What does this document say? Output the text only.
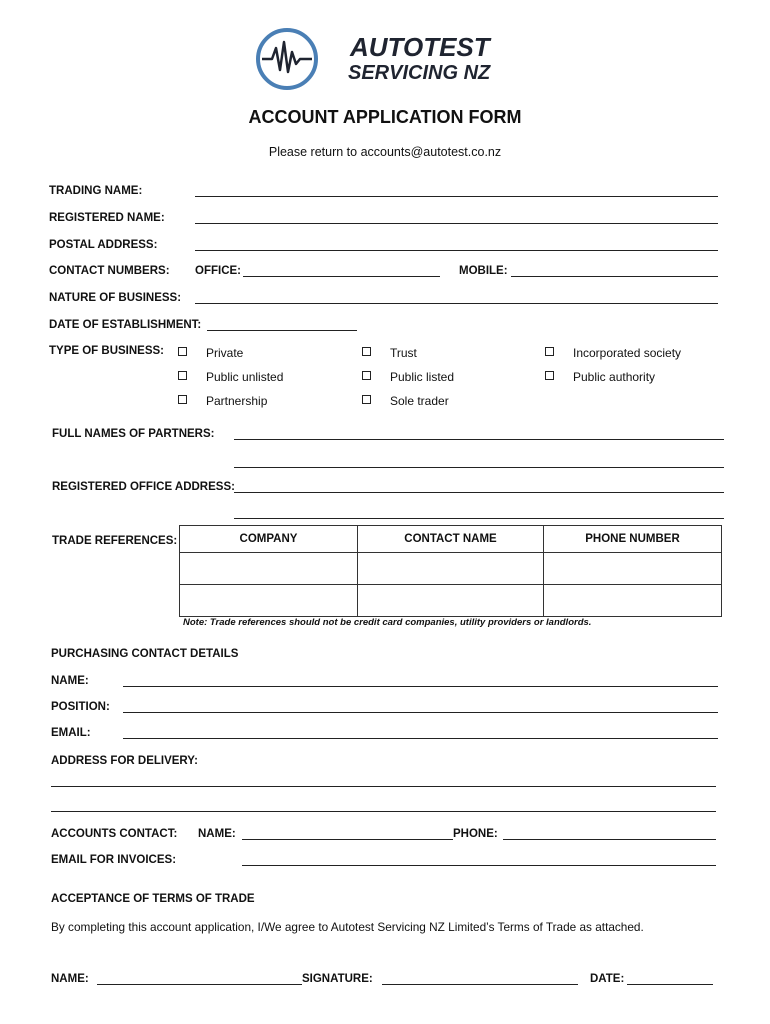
AUTOTEST
SERVICING NZ
ACCOUNT APPLICATION FORM
Please return to accounts@autotest.co.nz
TRADING NAME:
REGISTERED NAME:
POSTAL ADDRESS:
CONTACT NUMBERS: OFFICE:	MOBILE:
NATURE OF BUSINESS:
DATE OF ESTABLISHMENT:
TYPE OF BUSINESS:	Private	Trust	Incorporated society
Public unlisted	Public listed	Public authority
Partnership	Sole trader
FULL NAMES OF PARTNERS:
REGISTERED OFFICE ADDRESS:
TRADE REFERENCES:	COMPANY	CONTACT NAME	PHONE NUMBER

Note: Trade references should not be credit card companies, utility providers or landlords.
PURCHASING CONTACT DETAILS
NAME:
POSITION:
EMAIL:
ADDRESS FOR DELIVERY:
ACCOUNTS CONTACT: NAME:	PHONE:
EMAIL FOR INVOICES:
ACCEPTANCE OF TERMS OF TRADE
By completing this account application, I/We agree to Autotest Servicing NZ Limited’s Terms of Trade as attached.
NAME:	SIGNATURE:	DATE:
